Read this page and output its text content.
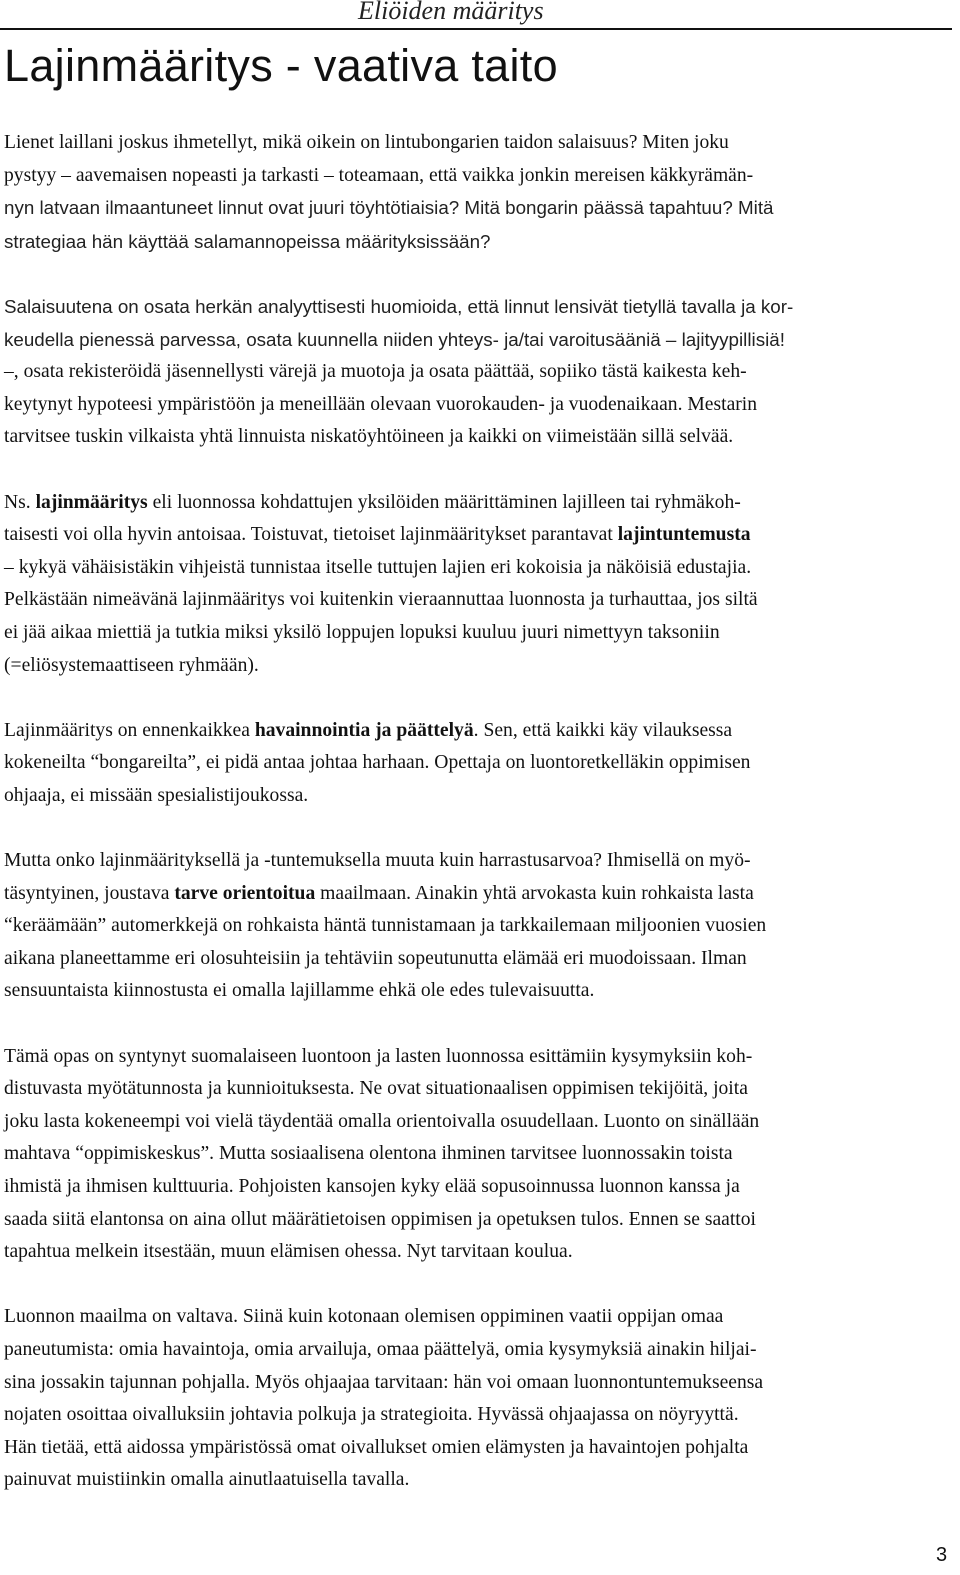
Eliöiden määritys
Lajinmääritys - vaativa taito

Lienet laillani joskus ihmetellyt, mikä oikein on lintubongarien taidon salaisuus? Miten joku
pystyy – aavemaisen nopeasti ja tarkasti – toteamaan, että vaikka jonkin mereisen käkkyrämän-
nyn latvaan ilmaantuneet linnut ovat juuri töyhtötiaisia? Mitä bongarin päässä tapahtuu? Mitä
strategiaa hän käyttää salamannopeissa määrityksissään?

Salaisuutena on osata herkän analyyttisesti huomioida, että linnut lensivät tietyllä tavalla ja kor-
keudella pienessä parvessa, osata kuunnella niiden yhteys- ja/tai varoitusääniä – lajityypillisiä!
–, osata rekisteröidä jäsennellysti värejä ja muotoja ja osata päättää, sopiiko tästä kaikesta keh-
keytynyt hypoteesi ympäristöön ja meneillään olevaan vuorokauden- ja vuodenaikaan. Mestarin
tarvitsee tuskin vilkaista yhtä linnuista niskatöyhtöineen ja kaikki on viimeistään sillä selvää.

Ns. lajinmääritys eli luonnossa kohdattujen yksilöiden määrittäminen lajilleen tai ryhmäkoh-
taisesti voi olla hyvin antoisaa. Toistuvat, tietoiset lajinmääritykset parantavat lajintuntemusta
– kykyä vähäisistäkin vihjeistä tunnistaa itselle tuttujen lajien eri kokoisia ja näköisiä edustajia.
Pelkästään nimeävänä lajinmääritys voi kuitenkin vieraannuttaa luonnosta ja turhauttaa, jos siltä
ei jää aikaa miettiä ja tutkia miksi yksilö loppujen lopuksi kuuluu juuri nimettyyn taksoniin
(=eliösystemaattiseen ryhmään).

Lajinmääritys on ennenkaikkea havainnointia ja päättelyä. Sen, että kaikki käy vilauksessa
kokeneilta “bongareilta”, ei pidä antaa johtaa harhaan. Opettaja on luontoretkelläkin oppimisen
ohjaaja, ei missään spesialistijoukossa.

Mutta onko lajinmäärityksellä ja -tuntemuksella muuta kuin harrastusarvoa? Ihmisellä on myö-
täsyntyinen, joustava tarve orientoitua maailmaan. Ainakin yhtä arvokasta kuin rohkaista lasta
“keräämään” automerkkejä on rohkaista häntä tunnistamaan ja tarkkailemaan miljoonien vuosien
aikana planeettamme eri olosuhteisiin ja tehtäviin sopeutunutta elämää eri muodoissaan. Ilman
sensuuntaista kiinnostusta ei omalla lajillamme ehkä ole edes tulevaisuutta.

Tämä opas on syntynyt suomalaiseen luontoon ja lasten luonnossa esittämiin kysymyksiin koh-
distuvasta myötätunnosta ja kunnioituksesta. Ne ovat situationaalisen oppimisen tekijöitä, joita
joku lasta kokeneempi voi vielä täydentää omalla orientoivalla osuudellaan. Luonto on sinällään
mahtava “oppimiskeskus”. Mutta sosiaalisena olentona ihminen tarvitsee luonnossakin toista
ihmistä ja ihmisen kulttuuria. Pohjoisten kansojen kyky elää sopusoinnussa luonnon kanssa ja
saada siitä elantonsa on aina ollut määrätietoisen oppimisen ja opetuksen tulos. Ennen se saattoi
tapahtua melkein itsestään, muun elämisen ohessa. Nyt tarvitaan koulua.

Luonnon maailma on valtava. Siinä kuin kotonaan olemisen oppiminen vaatii oppijan omaa
paneutumista: omia havaintoja, omia arvailuja, omaa päättelyä, omia kysymyksiä ainakin hiljai-
sina jossakin tajunnan pohjalla. Myös ohjaajaa tarvitaan: hän voi omaan luonnontuntemukseensa
nojaten osoittaa oivalluksiin johtavia polkuja ja strategioita. Hyvässä ohjaajassa on nöyryyttä.
Hän tietää, että aidossa ympäristössä omat oivallukset omien elämysten ja havaintojen pohjalta
painuvat muistiinkin omalla ainutlaatuisella tavalla.

3
